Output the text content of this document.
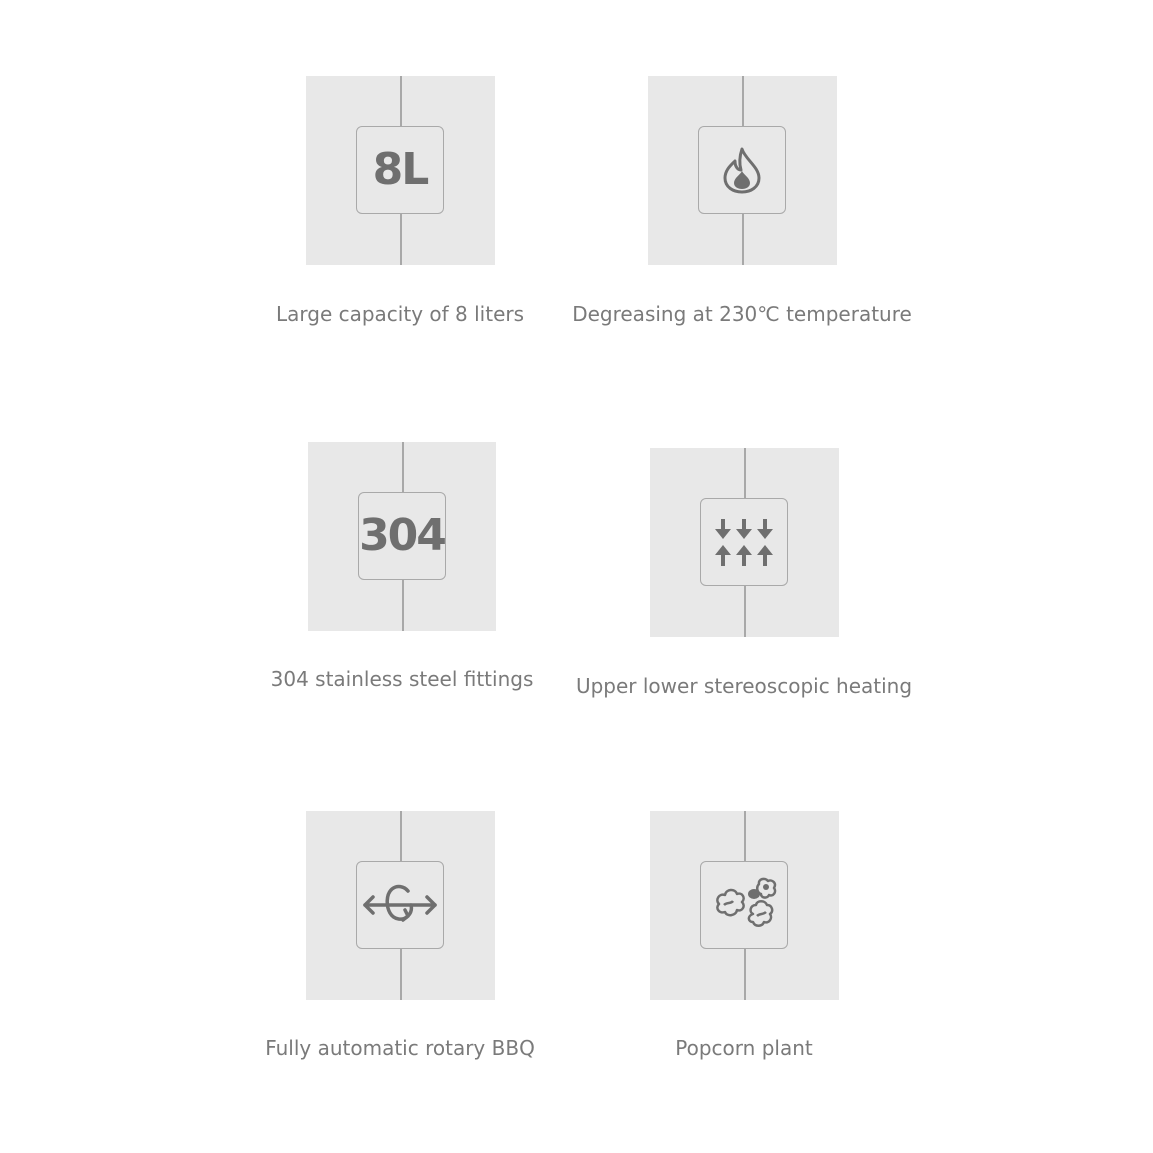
8L
Large capacity of 8 liters Degreasing at 230℃ temperature
304
304 stainless steel fittings Upper lower stereoscopic heating
Fully automatic rotary BBQ	Popcorn plant
